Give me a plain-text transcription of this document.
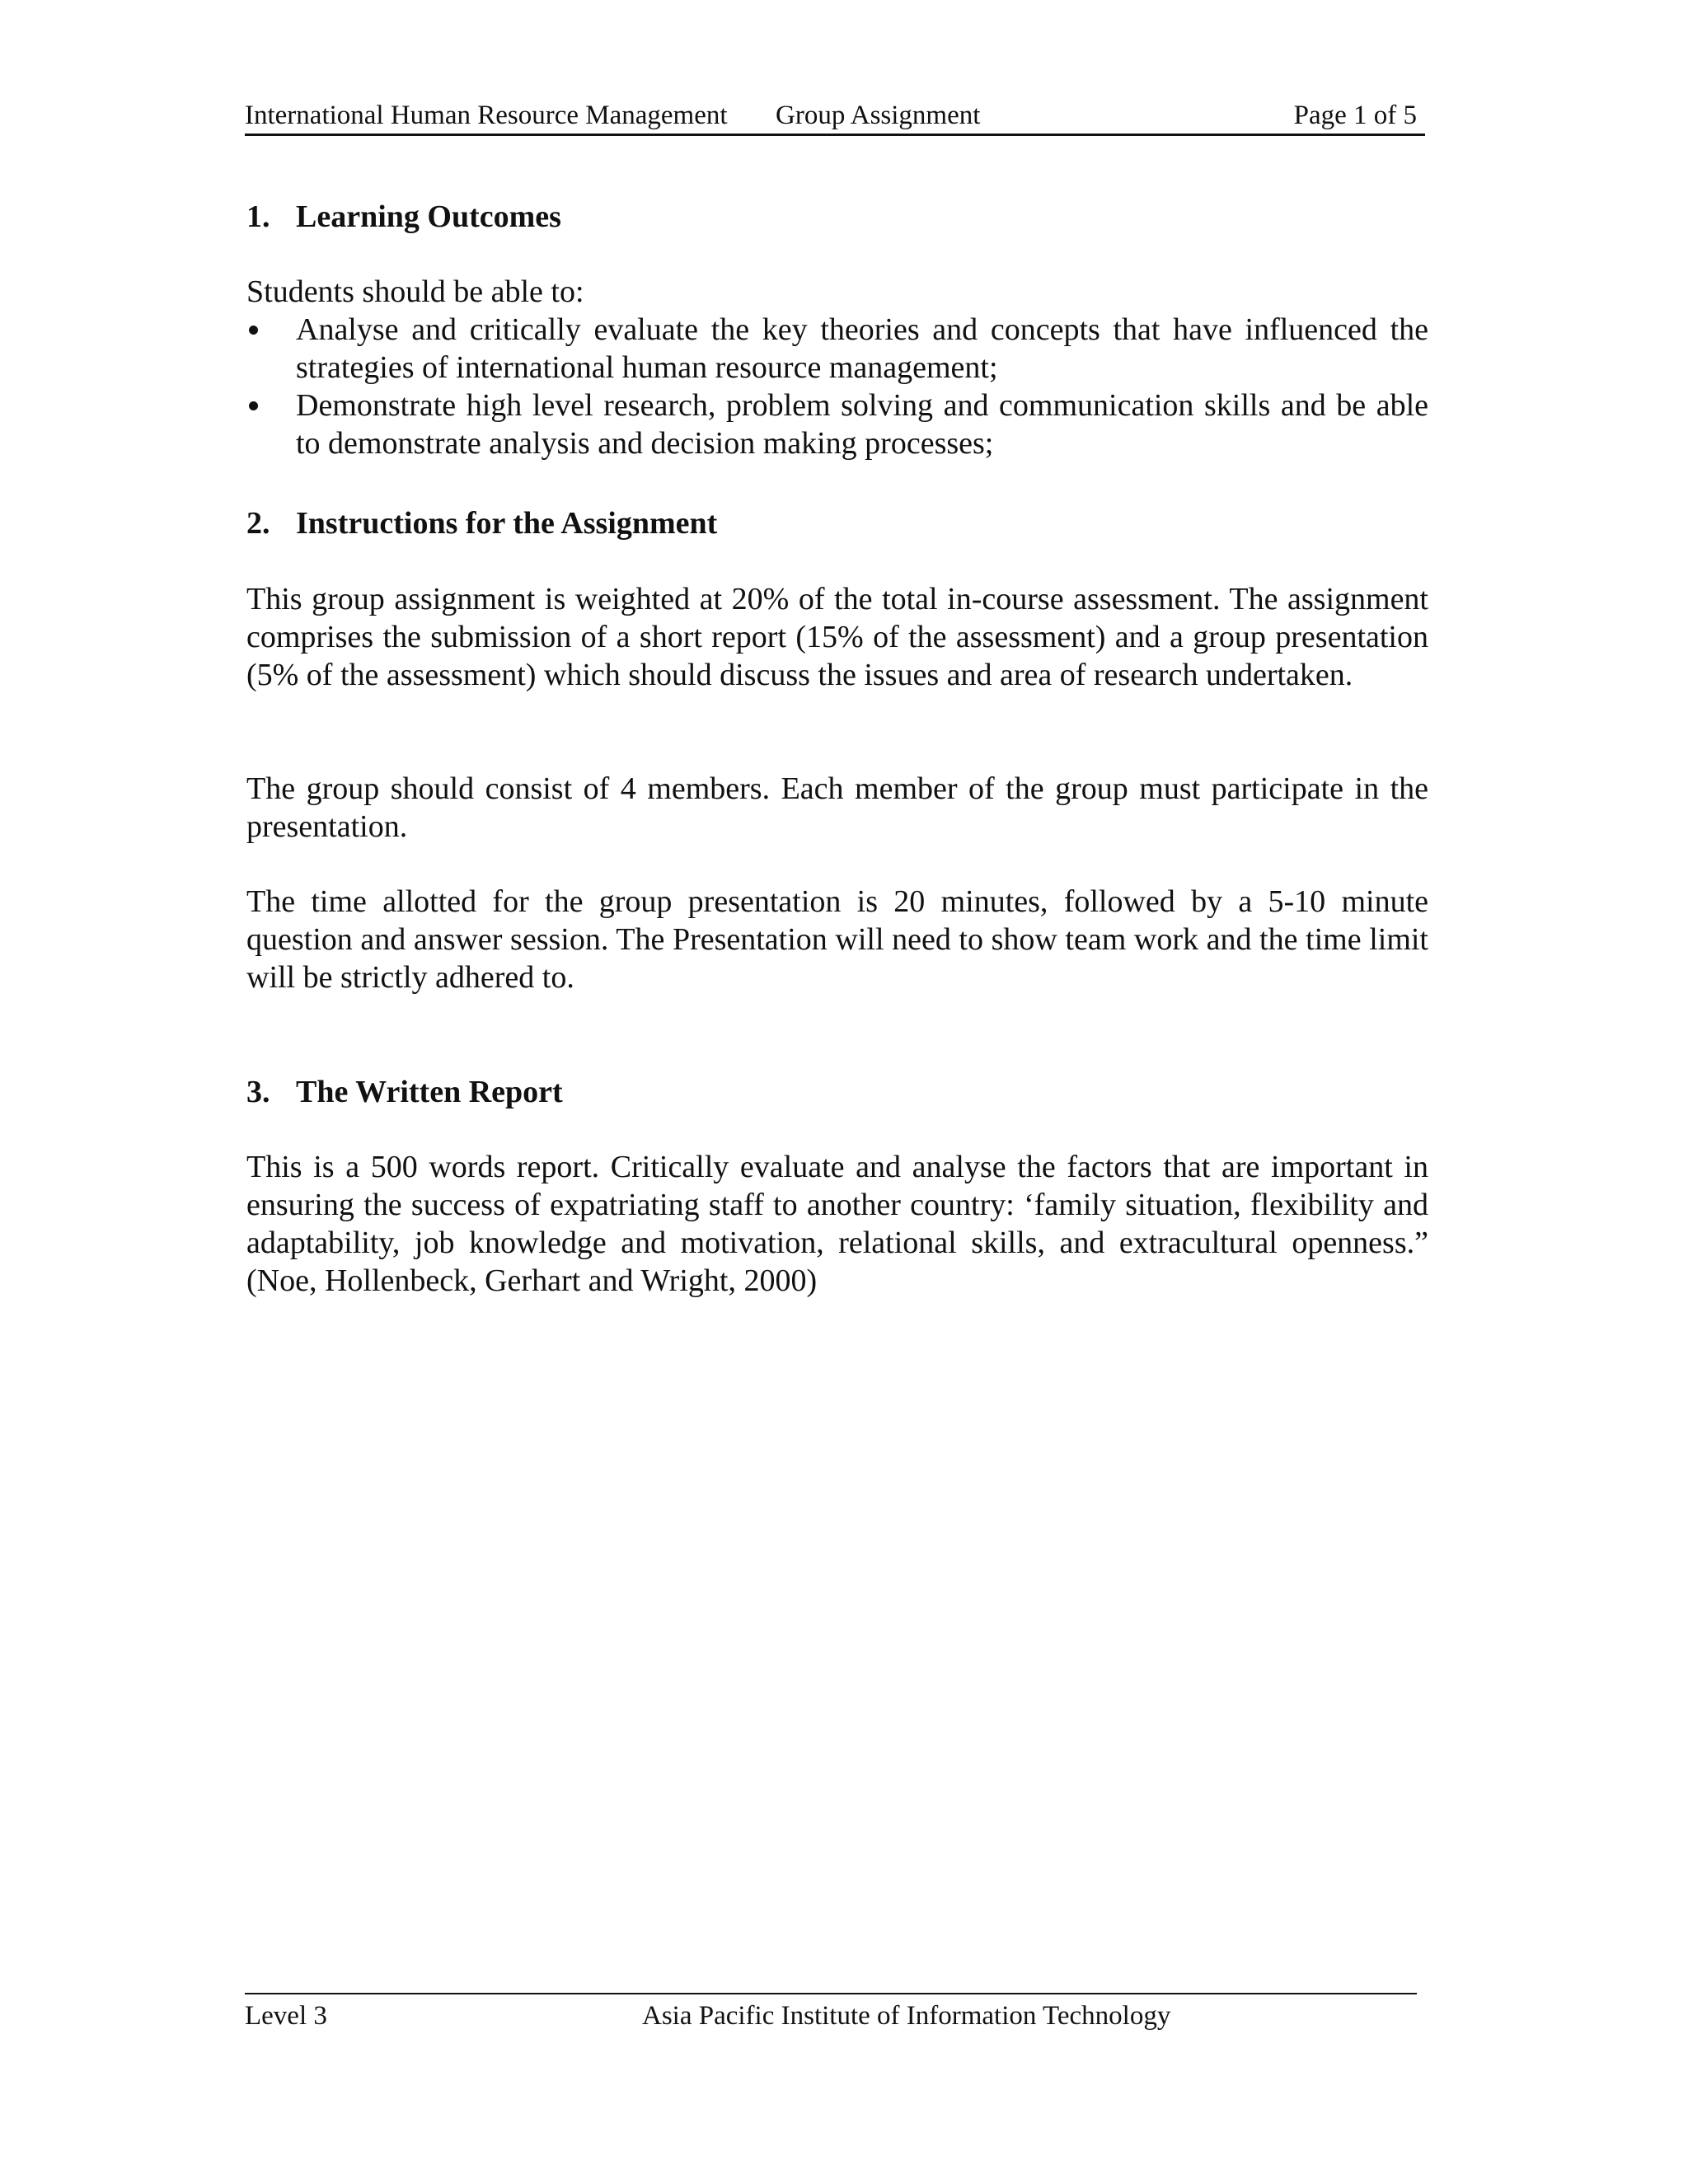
International Human Resource Management Group Assignment	Page 1 of 5
1. Learning Outcomes
Students should be able to:
Analyse and critically evaluate the key theories and concepts that have influenced the strategies of international human resource management;
Demonstrate high level research, problem solving and communication skills and be able to demonstrate analysis and decision making processes;
2. Instructions for the Assignment
This group assignment is weighted at 20% of the total in-course assessment. The assignment comprises the submission of a short report (15% of the assessment) and a group presentation (5% of the assessment) which should discuss the issues and area of research undertaken.
The group should consist of 4 members. Each member of the group must participate in the presentation.
The time allotted for the group presentation is 20 minutes, followed by a 5-10 minute question and answer session. The Presentation will need to show team work and the time limit will be strictly adhered to.
3. The Written Report
This is a 500 words report. Critically evaluate and analyse the factors that are important in ensuring the success of expatriating staff to another country: ‘family situation, flexibility and adaptability, job knowledge and motivation, relational skills, and extracultural openness.” (Noe, Hollenbeck, Gerhart and Wright, 2000)
Level 3	Asia Pacific Institute of Information Technology
